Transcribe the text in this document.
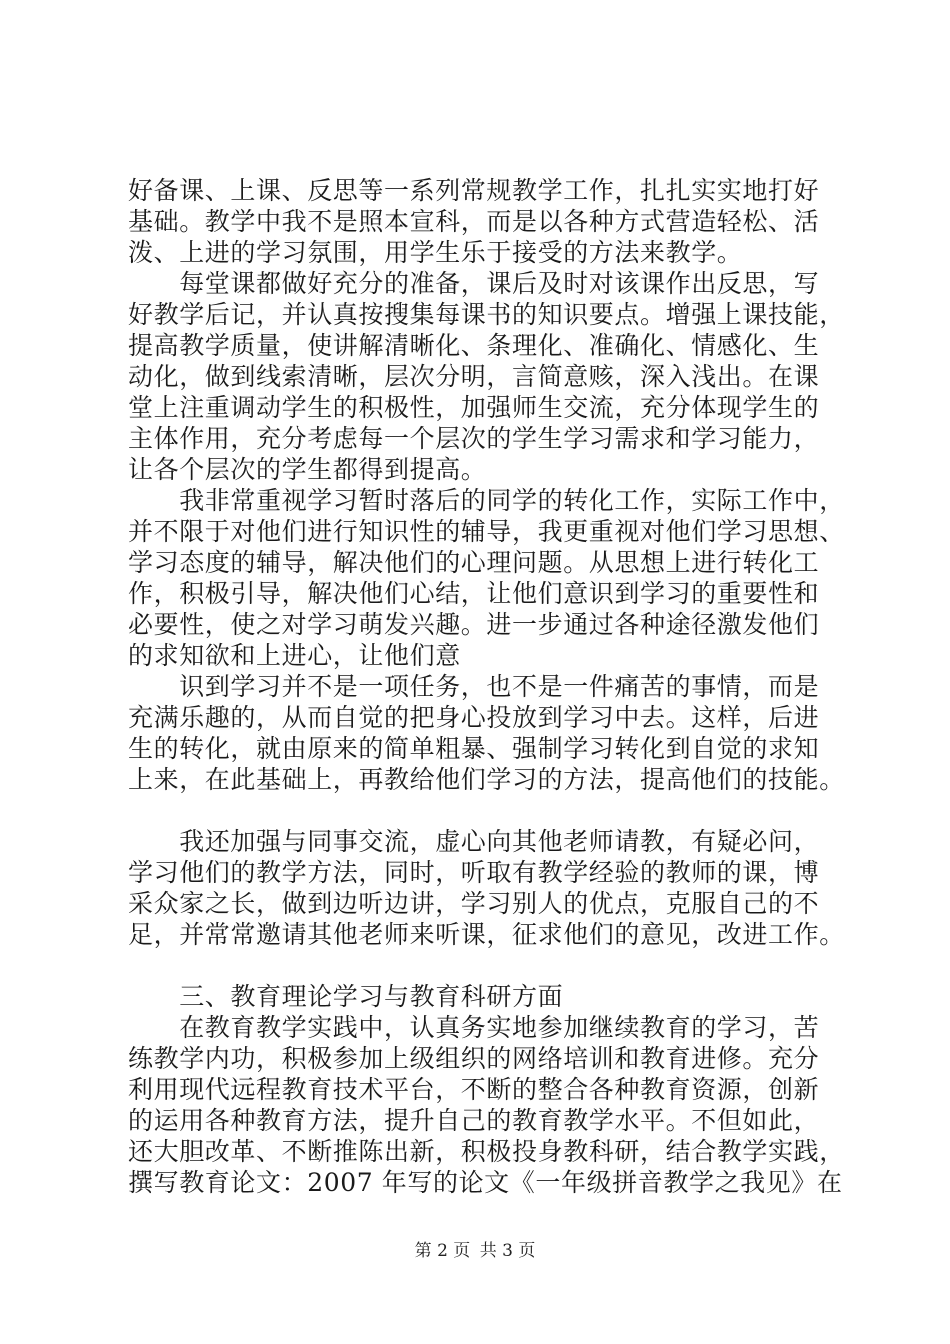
好备课、上课、反思等一系列常规教学工作，扎扎实实地打好
基础。教学中我不是照本宣科，而是以各种方式营造轻松、活
泼、上进的学习氛围，用学生乐于接受的方法来教学。
　　每堂课都做好充分的准备，课后及时对该课作出反思，写
好教学后记，并认真按搜集每课书的知识要点。增强上课技能，
提高教学质量，使讲解清晰化、条理化、准确化、情感化、生
动化，做到线索清晰，层次分明，言简意赅，深入浅出。在课
堂上注重调动学生的积极性，加强师生交流，充分体现学生的
主体作用，充分考虑每一个层次的学生学习需求和学习能力，
让各个层次的学生都得到提高。
　　我非常重视学习暂时落后的同学的转化工作，实际工作中，
并不限于对他们进行知识性的辅导，我更重视对他们学习思想、
学习态度的辅导，解决他们的心理问题。从思想上进行转化工
作，积极引导，解决他们心结，让他们意识到学习的重要性和
必要性，使之对学习萌发兴趣。进一步通过各种途径激发他们
的求知欲和上进心，让他们意
　　识到学习并不是一项任务，也不是一件痛苦的事情，而是
充满乐趣的，从而自觉的把身心投放到学习中去。这样，后进
生的转化，就由原来的简单粗暴、强制学习转化到自觉的求知
上来，在此基础上，再教给他们学习的方法，提高他们的技能。
　　我还加强与同事交流，虚心向其他老师请教，有疑必问，
学习他们的教学方法，同时，听取有教学经验的教师的课，博
采众家之长，做到边听边讲，学习别人的优点，克服自己的不
足，并常常邀请其他老师来听课，征求他们的意见，改进工作。
　　三、教育理论学习与教育科研方面
　　在教育教学实践中，认真务实地参加继续教育的学习，苦
练教学内功，积极参加上级组织的网络培训和教育进修。充分
利用现代远程教育技术平台，不断的整合各种教育资源，创新
的运用各种教育方法，提升自己的教育教学水平。不但如此，
还大胆改革、不断推陈出新，积极投身教科研，结合教学实践，
撰写教育论文：2007 年写的论文《一年级拼音教学之我见》在
第 2 页 共 3 页
